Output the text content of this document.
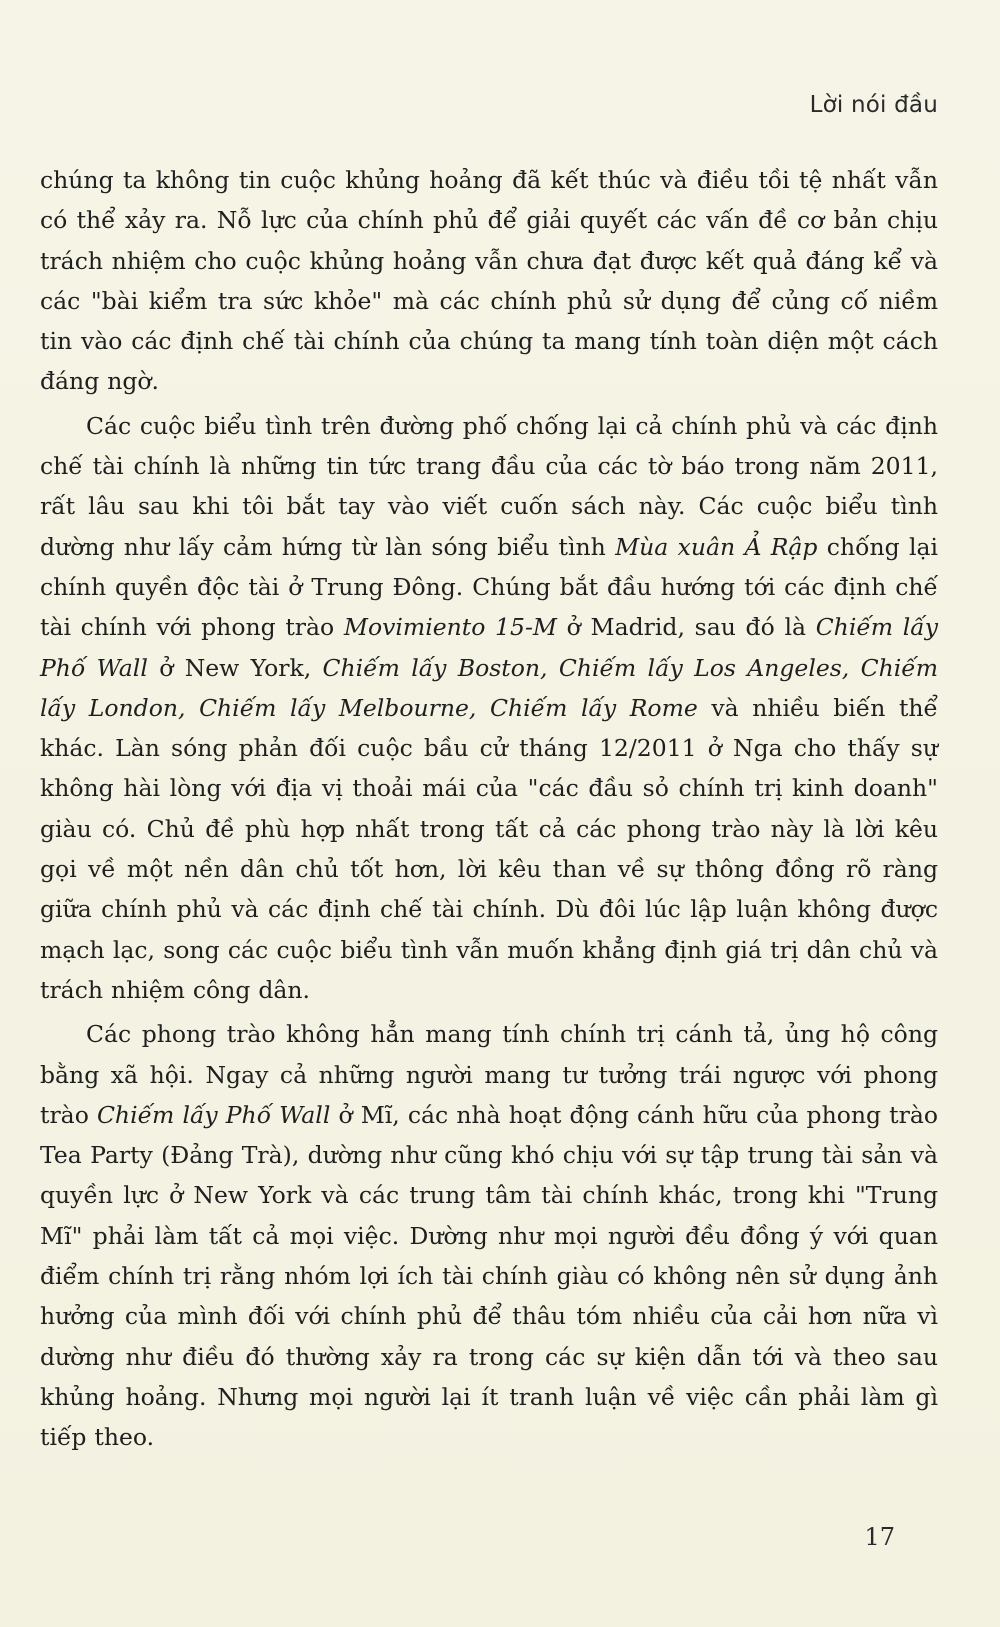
Lời nói đầu

chúng ta không tin cuộc khủng hoảng đã kết thúc và điều tồi tệ nhất vẫn có thể xảy ra. Nỗ lực của chính phủ để giải quyết các vấn đề cơ bản chịu trách nhiệm cho cuộc khủng hoảng vẫn chưa đạt được kết quả đáng kể và các "bài kiểm tra sức khỏe" mà các chính phủ sử dụng để củng cố niềm tin vào các định chế tài chính của chúng ta mang tính toàn diện một cách đáng ngờ.

Các cuộc biểu tình trên đường phố chống lại cả chính phủ và các định chế tài chính là những tin tức trang đầu của các tờ báo trong năm 2011, rất lâu sau khi tôi bắt tay vào viết cuốn sách này. Các cuộc biểu tình dường như lấy cảm hứng từ làn sóng biểu tình Mùa xuân Ả Rập chống lại chính quyền độc tài ở Trung Đông. Chúng bắt đầu hướng tới các định chế tài chính với phong trào Movimiento 15-M ở Madrid, sau đó là Chiếm lấy Phố Wall ở New York, Chiếm lấy Boston, Chiếm lấy Los Angeles, Chiếm lấy London, Chiếm lấy Melbourne, Chiếm lấy Rome và nhiều biến thể khác. Làn sóng phản đối cuộc bầu cử tháng 12/2011 ở Nga cho thấy sự không hài lòng với địa vị thoải mái của "các đầu sỏ chính trị kinh doanh" giàu có. Chủ đề phù hợp nhất trong tất cả các phong trào này là lời kêu gọi về một nền dân chủ tốt hơn, lời kêu than về sự thông đồng rõ ràng giữa chính phủ và các định chế tài chính. Dù đôi lúc lập luận không được mạch lạc, song các cuộc biểu tình vẫn muốn khẳng định giá trị dân chủ và trách nhiệm công dân.

Các phong trào không hẳn mang tính chính trị cánh tả, ủng hộ công bằng xã hội. Ngay cả những người mang tư tưởng trái ngược với phong trào Chiếm lấy Phố Wall ở Mĩ, các nhà hoạt động cánh hữu của phong trào Tea Party (Đảng Trà), dường như cũng khó chịu với sự tập trung tài sản và quyền lực ở New York và các trung tâm tài chính khác, trong khi "Trung Mĩ" phải làm tất cả mọi việc. Dường như mọi người đều đồng ý với quan điểm chính trị rằng nhóm lợi ích tài chính giàu có không nên sử dụng ảnh hưởng của mình đối với chính phủ để thâu tóm nhiều của cải hơn nữa vì dường như điều đó thường xảy ra trong các sự kiện dẫn tới và theo sau khủng hoảng. Nhưng mọi người lại ít tranh luận về việc cần phải làm gì tiếp theo.

17
